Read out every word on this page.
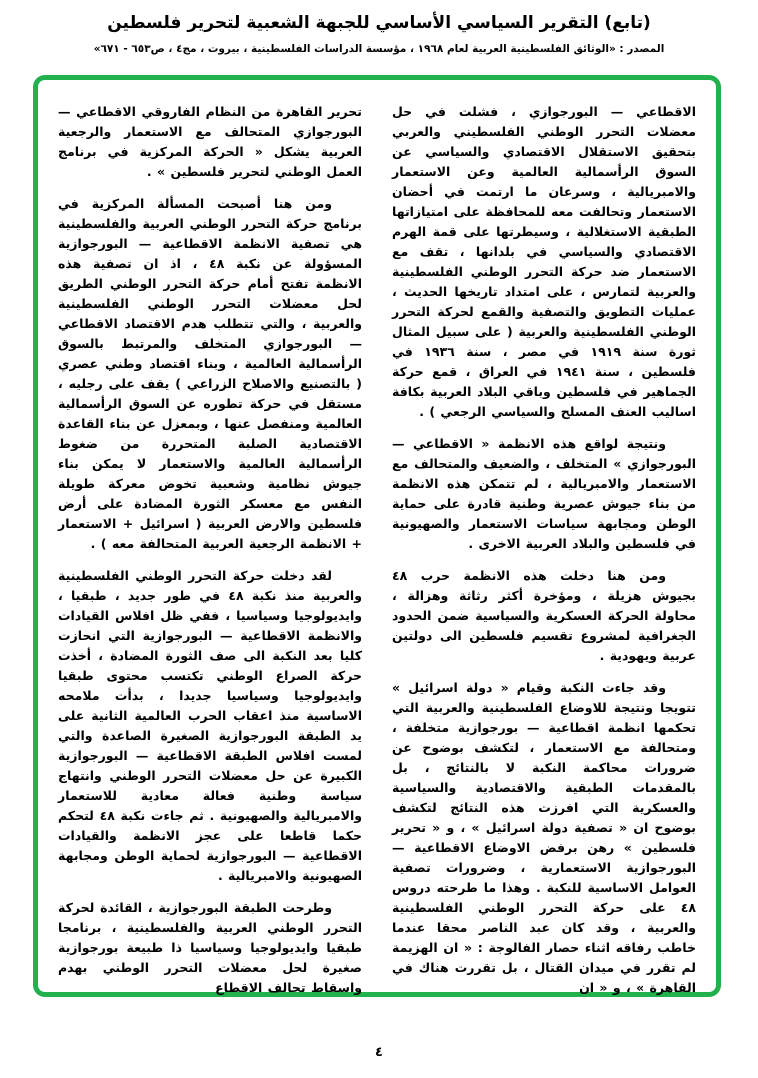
(تابع) التقرير السياسي الأساسي للجبهة الشعبية لتحرير فلسطين
المصدر : «الوثائق الفلسطينية العربية لعام ١٩٦٨ ، مؤسسة الدراسات الفلسطينية ، بيروت ، مج٤ ، ص٦٥٣ - ٦٧١»

الاقطاعي — البورجوازي ، فشلت في حل معضلات التحرر الوطني الفلسطيني والعربي بتحقيق الاستقلال الاقتصادي والسياسي عن السوق الرأسمالية العالمية وعن الاستعمار والامبريالية ، وسرعان ما ارتمت في أحضان الاستعمار وتحالفت معه للمحافظة على امتيازاتها الطبقية الاستغلالية ، وسيطرتها على قمة الهرم الاقتصادي والسياسي في بلدانها ، تقف مع الاستعمار ضد حركة التحرر الوطني الفلسطينية والعربية لتمارس ، على امتداد تاريخها الحديث ، عمليات التطويق والتصفية والقمع لحركة التحرر الوطني الفلسطينية والعربية ( على سبيل المثال ثورة سنة ١٩١٩ في مصر ، سنة ١٩٣٦ في فلسطين ، سنة ١٩٤١ في العراق ، قمع حركة الجماهير في فلسطين وباقي البلاد العربية بكافة اساليب العنف المسلح والسياسي الرجعي ) .

ونتيجة لواقع هذه الانظمة « الاقطاعي — البورجوازي » المتخلف ، والضعيف والمتحالف مع الاستعمار والامبريالية ، لم تتمكن هذه الانظمة من بناء جيوش عصرية وطنية قادرة على حماية الوطن ومجابهة سياسات الاستعمار والصهيونية في فلسطين والبلاد العربية الاخرى .

ومن هنا دخلت هذه الانظمة حرب ٤٨ بجيوش هزيلة ، ومؤخرة أكثر رثاثة وهزالة ، محاولة الحركة العسكرية والسياسية ضمن الحدود الجغرافية لمشروع تقسيم فلسطين الى دولتين عربية ويهودية .

وقد جاءت النكبة وقيام « دولة اسرائيل » تتويجا ونتيجة للاوضاع الفلسطينية والعربية التي تحكمها انظمة اقطاعية — بورجوازية متخلفة ، ومتحالفة مع الاستعمار ، لتكشف بوضوح عن ضرورات محاكمة النكبة لا بالنتائج ، بل بالمقدمات الطبقية والاقتصادية والسياسية والعسكرية التي افرزت هذه النتائج لتكشف بوضوح ان « تصفية دولة اسرائيل » ، و « تحرير فلسطين » رهن برفض الاوضاع الاقطاعية — البورجوازية الاستعمارية ، وضرورات تصفية العوامل الاساسية للنكبة . وهذا ما طرحته دروس ٤٨ على حركة التحرر الوطني الفلسطينية والعربية ، وقد كان عبد الناصر محقا عندما خاطب رفاقه اثناء حصار الفالوجة : « ان الهزيمة لم تقرر في ميدان القتال ، بل تقررت هناك في القاهرة » ، و « ان

تحرير القاهرة من النظام الفاروقي الاقطاعي — البورجوازي المتحالف مع الاستعمار والرجعية العربية يشكل « الحركة المركزية في برنامج العمل الوطني لتحرير فلسطين » .

ومن هنا أصبحت المسألة المركزية في برنامج حركة التحرر الوطني العربية والفلسطينية هي تصفية الانظمة الاقطاعية — البورجوازية المسؤولة عن نكبة ٤٨ ، اذ ان تصفية هذه الانظمة تفتح أمام حركة التحرر الوطني الطريق لحل معضلات التحرر الوطني الفلسطينية والعربية ، والتي تتطلب هدم الاقتصاد الاقطاعي — البورجوازي المتخلف والمرتبط بالسوق الرأسمالية العالمية ، وبناء اقتصاد وطني عصري ( بالتصنيع والاصلاح الزراعي ) يقف على رجليه ، مستقل في حركة تطوره عن السوق الرأسمالية العالمية ومنفصل عنها ، وبمعزل عن بناء القاعدة الاقتصادية الصلبة المتحررة من ضغوط الرأسمالية العالمية والاستعمار لا يمكن بناء جيوش نظامية وشعبية تخوض معركة طويلة النفس مع معسكر الثورة المضادة على أرض فلسطين والارض العربية ( اسرائيل + الاستعمار + الانظمة الرجعية العربية المتحالفة معه ) .

لقد دخلت حركة التحرر الوطني الفلسطينية والعربية منذ نكبة ٤٨ في طور جديد ، طبقيا ، وايديولوجيا وسياسيا ، ففي ظل افلاس القيادات والانظمة الاقطاعية — البورجوازية التي انحازت كليا بعد النكبة الى صف الثورة المضادة ، أخذت حركة الصراع الوطني تكتسب محتوى طبقيا وايديولوجيا وسياسيا جديدا ، بدأت ملامحه الاساسية منذ اعقاب الحرب العالمية الثانية على يد الطبقة البورجوازية الصغيرة الصاعدة والتي لمست افلاس الطبقة الاقطاعية — البورجوازية الكبيرة عن حل معضلات التحرر الوطني وانتهاج سياسة وطنية فعالة معادية للاستعمار والامبريالية والصهيونية . ثم جاءت نكبة ٤٨ لتحكم حكما قاطعا على عجز الانظمة والقيادات الاقطاعية — البورجوازية لحماية الوطن ومجابهة الصهيونية والامبريالية .

وطرحت الطبقة البورجوازية ، القائدة لحركة التحرر الوطني العربية والفلسطينية ، برنامجا طبقيا وايديولوجيا وسياسيا ذا طبيعة بورجوازية صغيرة لحل معضلات التحرر الوطني بهدم واسقاط تحالف الاقطاع

٤
